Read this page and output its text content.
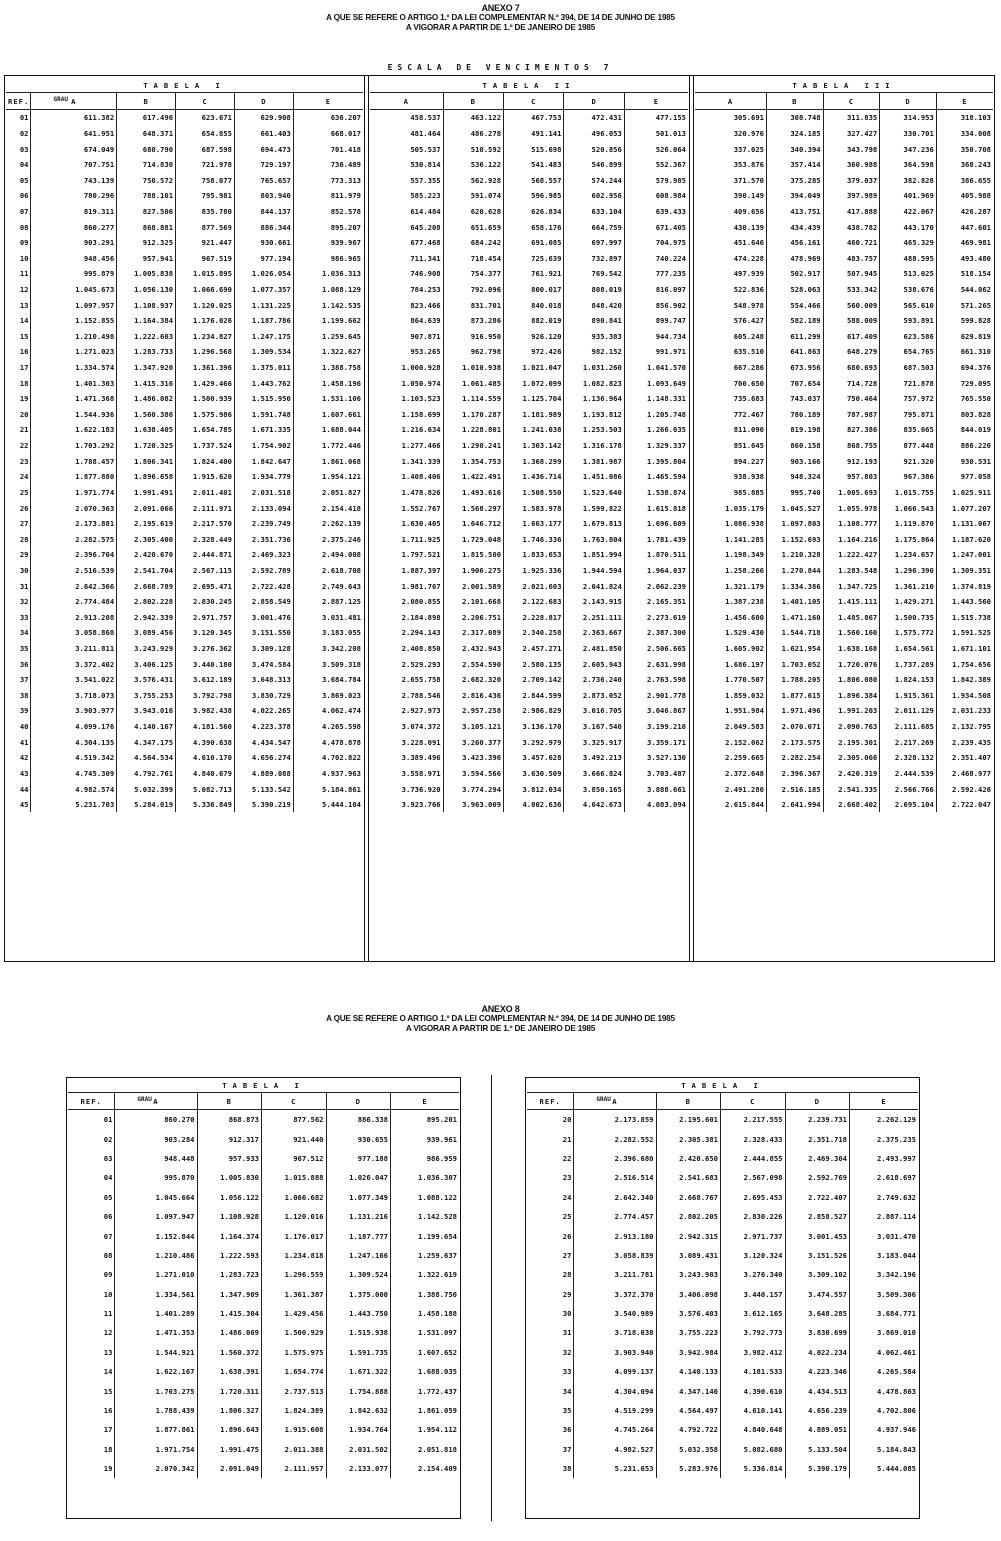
ANEXO 7
A QUE SE REFERE O ARTIGO 1.º DA LEI COMPLEMENTAR N.º 394, DE 14 DE JUNHO DE 1985
A VIGORAR A PARTIR DE 1.º DE JANEIRO DE 1985
ESCALA DE VENCIMENTOS 7
TABELA I					
REF.	GRAU A	B	C	D	E
01	611.382	617.496	623.671	629.908	636.207
02	641.951	648.371	654.855	661.403	668.017
03	674.049	680.790	687.598	694.473	701.418
04	707.751	714.830	721.978	729.197	736.489
05	743.139	750.572	758.077	765.657	773.313
06	780.296	788.101	795.981	803.940	811.979
07	819.311	827.506	835.780	844.137	852.578
08	860.277	868.881	877.569	886.344	895.207
09	903.291	912.325	921.447	930.661	939.967
10	948.456	957.941	967.519	977.194	986.965
11	995.879	1.005.838	1.015.895	1.026.054	1.036.313
12	1.045.673	1.056.130	1.066.690	1.077.357	1.088.129
13	1.097.957	1.108.937	1.120.025	1.131.225	1.142.535
14	1.152.855	1.164.384	1.176.026	1.187.786	1.199.662
15	1.210.498	1.222.603	1.234.827	1.247.175	1.259.645
16	1.271.023	1.283.733	1.296.568	1.309.534	1.322.627
17	1.334.574	1.347.920	1.361.396	1.375.011	1.388.758
18	1.401.303	1.415.316	1.429.466	1.443.762	1.458.196
19	1.471.368	1.486.082	1.500.939	1.515.950	1.531.106
20	1.544.936	1.560.386	1.575.986	1.591.748	1.607.661
21	1.622.183	1.638.405	1.654.785	1.671.335	1.688.044
22	1.703.292	1.720.325	1.737.524	1.754.902	1.772.446
23	1.788.457	1.806.341	1.824.400	1.842.647	1.861.068
24	1.877.880	1.896.658	1.915.620	1.934.779	1.954.121
25	1.971.774	1.991.491	2.011.401	2.031.518	2.051.827
26	2.070.363	2.091.066	2.111.971	2.133.094	2.154.418
27	2.173.881	2.195.619	2.217.570	2.239.749	2.262.139
28	2.282.575	2.305.400	2.328.449	2.351.736	2.375.246
29	2.396.704	2.420.670	2.444.871	2.469.323	2.494.008
30	2.516.539	2.541.704	2.567.115	2.592.789	2.618.708
31	2.642.366	2.668.789	2.695.471	2.722.428	2.749.643
32	2.774.484	2.802.228	2.830.245	2.858.549	2.887.125
33	2.913.208	2.942.339	2.971.757	3.001.476	3.031.481
34	3.058.868	3.089.456	3.120.345	3.151.550	3.183.055
35	3.211.811	3.243.929	3.276.362	3.309.128	3.342.208
36	3.372.402	3.406.125	3.440.180	3.474.584	3.509.318
37	3.541.022	3.576.431	3.612.189	3.648.313	3.684.784
38	3.718.073	3.755.253	3.792.798	3.830.729	3.869.023
39	3.903.977	3.943.016	3.982.438	4.022.265	4.062.474
40	4.099.176	4.140.167	4.181.560	4.223.378	4.265.598
41	4.304.135	4.347.175	4.390.638	4.434.547	4.478.878
42	4.519.342	4.564.534	4.610.170	4.656.274	4.702.822
43	4.745.309	4.792.761	4.840.679	4.889.088	4.937.963
44	4.982.574	5.032.399	5.082.713	5.133.542	5.184.861
45	5.231.703	5.284.019	5.336.849	5.390.219	5.444.104
TABELA II				
A	B	C	D	E
458.537	463.122	467.753	472.431	477.155
481.464	486.278	491.141	496.053	501.013
505.537	510.592	515.698	520.856	526.064
530.814	536.122	541.483	546.899	552.367
557.355	562.928	568.557	574.244	579.985
585.223	591.074	596.985	602.956	608.984
614.484	620.628	626.834	633.104	639.433
645.208	651.659	658.176	664.759	671.405
677.468	684.242	691.085	697.997	704.975
711.341	718.454	725.639	732.897	740.224
746.908	754.377	761.921	769.542	777.235
784.253	792.096	800.017	808.019	816.097
823.466	831.701	840.018	848.420	856.902
864.639	873.286	882.019	890.841	899.747
907.871	916.950	926.120	935.383	944.734
953.265	962.798	972.426	982.152	991.971
1.000.928	1.010.938	1.021.047	1.031.260	1.041.570
1.050.974	1.061.485	1.072.099	1.082.823	1.093.649
1.103.523	1.114.559	1.125.704	1.136.964	1.148.331
1.158.699	1.170.287	1.181.989	1.193.812	1.205.748
1.216.634	1.228.801	1.241.038	1.253.503	1.266.035
1.277.466	1.290.241	1.303.142	1.316.178	1.329.337
1.341.339	1.354.753	1.368.299	1.381.987	1.395.804
1.408.406	1.422.491	1.436.714	1.451.086	1.465.594
1.478.826	1.493.616	1.508.550	1.523.640	1.538.874
1.552.767	1.568.297	1.583.978	1.599.822	1.615.818
1.630.405	1.646.712	1.663.177	1.679.813	1.696.609
1.711.925	1.729.048	1.746.336	1.763.804	1.781.439
1.797.521	1.815.500	1.833.653	1.851.994	1.870.511
1.887.397	1.906.275	1.925.336	1.944.594	1.964.037
1.981.767	2.001.589	2.021.603	2.041.824	2.062.239
2.080.855	2.101.668	2.122.683	2.143.915	2.165.351
2.184.898	2.206.751	2.228.817	2.251.111	2.273.619
2.294.143	2.317.089	2.340.258	2.363.667	2.387.300
2.408.850	2.432.943	2.457.271	2.481.850	2.506.665
2.529.293	2.554.590	2.580.135	2.605.943	2.631.998
2.655.758	2.682.320	2.709.142	2.736.240	2.763.598
2.788.546	2.816.436	2.844.599	2.873.052	2.901.778
2.927.973	2.957.258	2.986.829	3.016.705	3.046.867
3.074.372	3.105.121	3.136.170	3.167.540	3.199.210
3.228.091	3.260.377	3.292.979	3.325.917	3.359.171
3.389.496	3.423.396	3.457.628	3.492.213	3.527.130
3.558.971	3.594.566	3.630.509	3.666.824	3.703.487
3.736.920	3.774.294	3.812.034	3.850.165	3.888.661
3.923.766	3.963.009	4.002.636	4.042.673	4.083.094
TABELA III				
A	B	C	D	E
305.691	308.748	311.835	314.953	318.103
320.976	324.185	327.427	330.701	334.008
337.025	340.394	343.798	347.236	350.708
353.876	357.414	360.988	364.598	368.243
371.570	375.285	379.037	382.828	386.655
390.149	394.049	397.989	401.969	405.988
409.656	413.751	417.888	422.067	426.287
430.139	434.439	438.782	443.170	447.601
451.646	456.161	460.721	465.329	469.981
474.228	478.969	483.757	488.595	493.480
497.939	502.917	507.945	513.025	518.154
522.836	528.063	533.342	538.676	544.062
548.978	554.466	560.009	565.610	571.265
576.427	582.189	588.009	593.891	599.828
605.248	611.299	617.409	623.586	629.819
635.510	641.863	648.279	654.765	661.310
667.286	673.956	680.693	687.503	694.376
700.650	707.654	714.728	721.878	729.095
735.683	743.037	750.464	757.972	765.550
772.467	780.189	787.987	795.871	803.828
811.090	819.198	827.386	835.665	844.019
851.645	860.158	868.755	877.448	886.220
894.227	903.166	912.193	921.320	930.531
938.938	948.324	957.803	967.386	977.058
985.885	995.740	1.005.693	1.015.755	1.025.911
1.035.179	1.045.527	1.055.978	1.066.543	1.077.207
1.086.938	1.097.803	1.108.777	1.119.870	1.131.067
1.141.285	1.152.693	1.164.216	1.175.864	1.187.620
1.198.349	1.210.328	1.222.427	1.234.657	1.247.001
1.258.266	1.270.844	1.283.548	1.296.390	1.309.351
1.321.179	1.334.386	1.347.725	1.361.210	1.374.819
1.387.238	1.401.105	1.415.111	1.429.271	1.443.560
1.456.600	1.471.160	1.485.867	1.500.735	1.515.738
1.529.430	1.544.718	1.560.160	1.575.772	1.591.525
1.605.902	1.621.954	1.638.168	1.654.561	1.671.101
1.686.197	1.703.052	1.720.076	1.737.289	1.754.656
1.770.507	1.788.205	1.806.080	1.824.153	1.842.389
1.859.032	1.877.615	1.896.384	1.915.361	1.934.508
1.951.984	1.971.496	1.991.203	2.011.129	2.031.233
2.049.583	2.070.071	2.090.763	2.111.685	2.132.795
2.152.062	2.173.575	2.195.301	2.217.269	2.239.435
2.259.665	2.282.254	2.305.066	2.328.132	2.351.407
2.372.648	2.396.367	2.420.319	2.444.539	2.468.977
2.491.280	2.516.185	2.541.335	2.566.766	2.592.426
2.615.844	2.641.994	2.668.402	2.695.104	2.722.047
ANEXO 8
A QUE SE REFERE O ARTIGO 1.º DA LEI COMPLEMENTAR N.º 394, DE 14 DE JUNHO DE 1985
A VIGORAR A PARTIR DE 1.º DE JANEIRO DE 1985
TABELA I					
REF.	GRAU A	B	C	D	E
01	860.270	868.873	877.562	886.338	895.201
02	903.284	912.317	921.440	930.655	939.961
03	948.448	957.933	967.512	977.188	986.959
04	995.870	1.005.830	1.015.888	1.026.047	1.036.307
05	1.045.664	1.056.122	1.066.682	1.077.349	1.088.122
06	1.097.947	1.108.928	1.120.016	1.131.216	1.142.528
07	1.152.844	1.164.374	1.176.017	1.187.777	1.199.654
08	1.210.486	1.222.593	1.234.818	1.247.166	1.259.637
09	1.271.010	1.283.723	1.296.559	1.309.524	1.322.619
10	1.334.561	1.347.909	1.361.387	1.375.000	1.388.750
11	1.401.289	1.415.304	1.429.456	1.443.750	1.458.188
12	1.471.353	1.486.069	1.500.929	1.515.938	1.531.097
13	1.544.921	1.560.372	1.575.975	1.591.735	1.607.652
14	1.622.167	1.638.391	1.654.774	1.671.322	1.688.035
15	1.703.275	1.720.311	2.737.513	1.754.888	1.772.437
16	1.788.439	1.806.327	1.824.389	1.842.632	1.861.059
17	1.877.861	1.896.643	1.915.608	1.934.764	1.954.112
18	1.971.754	1.991.475	2.011.388	2.031.502	2.051.818
19	2.070.342	2.091.049	2.111.957	2.133.077	2.154.409
TABELA I					
REF.	GRAU A	B	C	D	E
20	2.173.859	2.195.601	2.217.555	2.239.731	2.262.129
21	2.282.552	2.305.381	2.328.433	2.351.718	2.375.235
22	2.396.680	2.420.650	2.444.855	2.469.304	2.493.997
23	2.516.514	2.541.683	2.567.098	2.592.769	2.618.697
24	2.642.340	2.668.767	2.695.453	2.722.407	2.749.632
25	2.774.457	2.802.205	2.830.226	2.858.527	2.887.114
26	2.913.180	2.942.315	2.971.737	3.001.453	3.031.470
27	3.058.839	3.089.431	3.120.324	3.151.526	3.183.044
28	3.211.781	3.243.903	3.276.340	3.309.102	3.342.196
29	3.372.370	3.406.098	3.440.157	3.474.557	3.509.306
30	3.540.989	3.576.403	3.612.165	3.648.285	3.684.771
31	3.718.038	3.755.223	3.792.773	3.830.699	3.869.010
32	3.903.940	3.942.984	3.982.412	4.022.234	4.062.461
33	4.099.137	4.140.133	4.181.533	4.223.346	4.265.584
34	4.304.094	4.347.140	4.390.610	4.434.513	4.478.863
35	4.519.299	4.564.497	4.610.141	4.656.239	4.702.806
36	4.745.264	4.792.722	4.840.648	4.889.051	4.937.946
37	4.982.527	5.032.358	5.082.680	5.133.504	5.184.843
38	5.231.653	5.283.976	5.336.814	5.390.179	5.444.085
